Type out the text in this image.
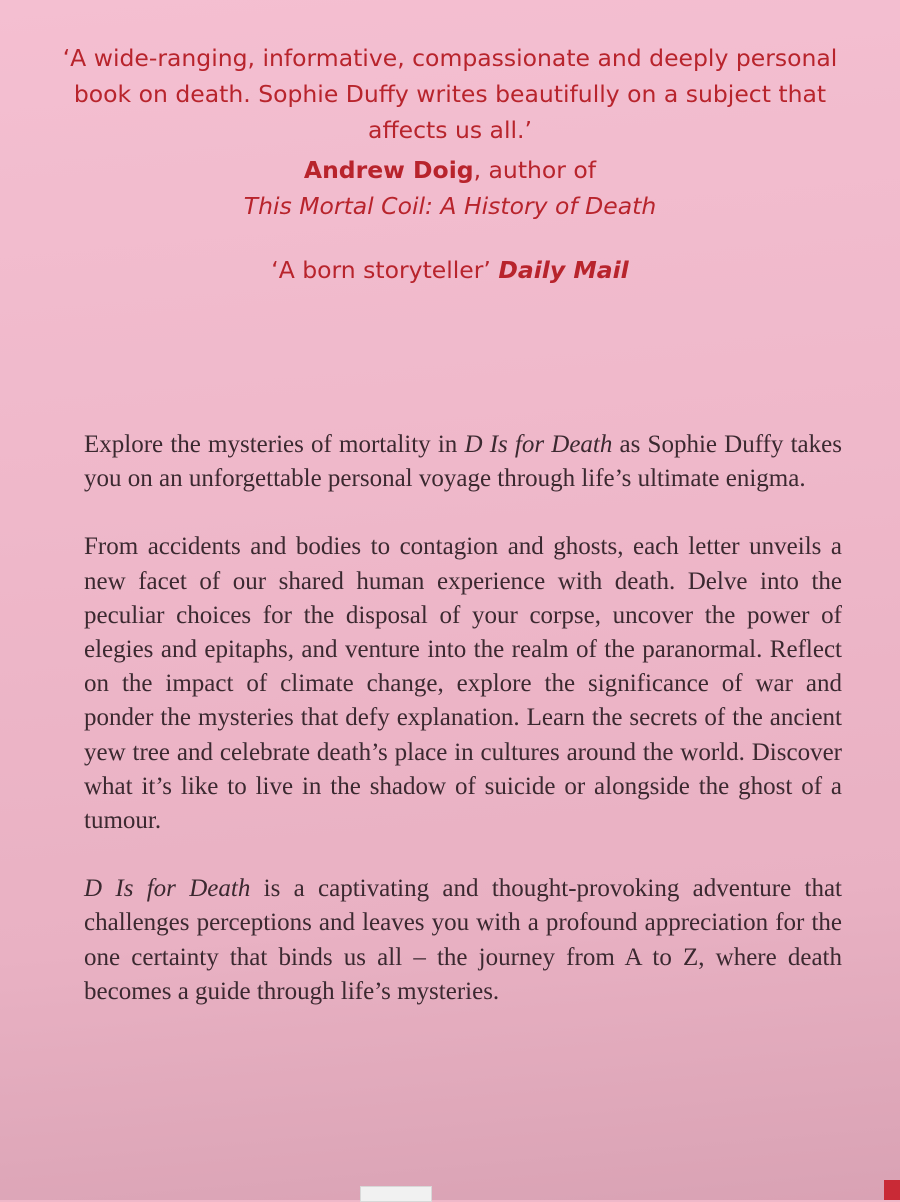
‘A wide-ranging, informative, compassionate and deeply personal book on death. Sophie Duffy writes beautifully on a subject that affects us all.’

Andrew Doig, author of

This Mortal Coil: A History of Death

‘A born storyteller’ Daily Mail

Explore the mysteries of mortality in D Is for Death as Sophie Duffy takes you on an unforgettable personal voyage through life’s ultimate enigma.

From accidents and bodies to contagion and ghosts, each letter unveils a new facet of our shared human experience with death. Delve into the peculiar choices for the disposal of your corpse, uncover the power of elegies and epitaphs, and venture into the realm of the paranormal. Reflect on the impact of climate change, explore the significance of war and ponder the mysteries that defy explanation. Learn the secrets of the ancient yew tree and celebrate death’s place in cultures around the world. Discover what it’s like to live in the shadow of suicide or alongside the ghost of a tumour.

D Is for Death is a captivating and thought-provoking adventure that challenges perceptions and leaves you with a profound appreciation for the one certainty that binds us all – the journey from A to Z, where death becomes a guide through life’s mysteries.
